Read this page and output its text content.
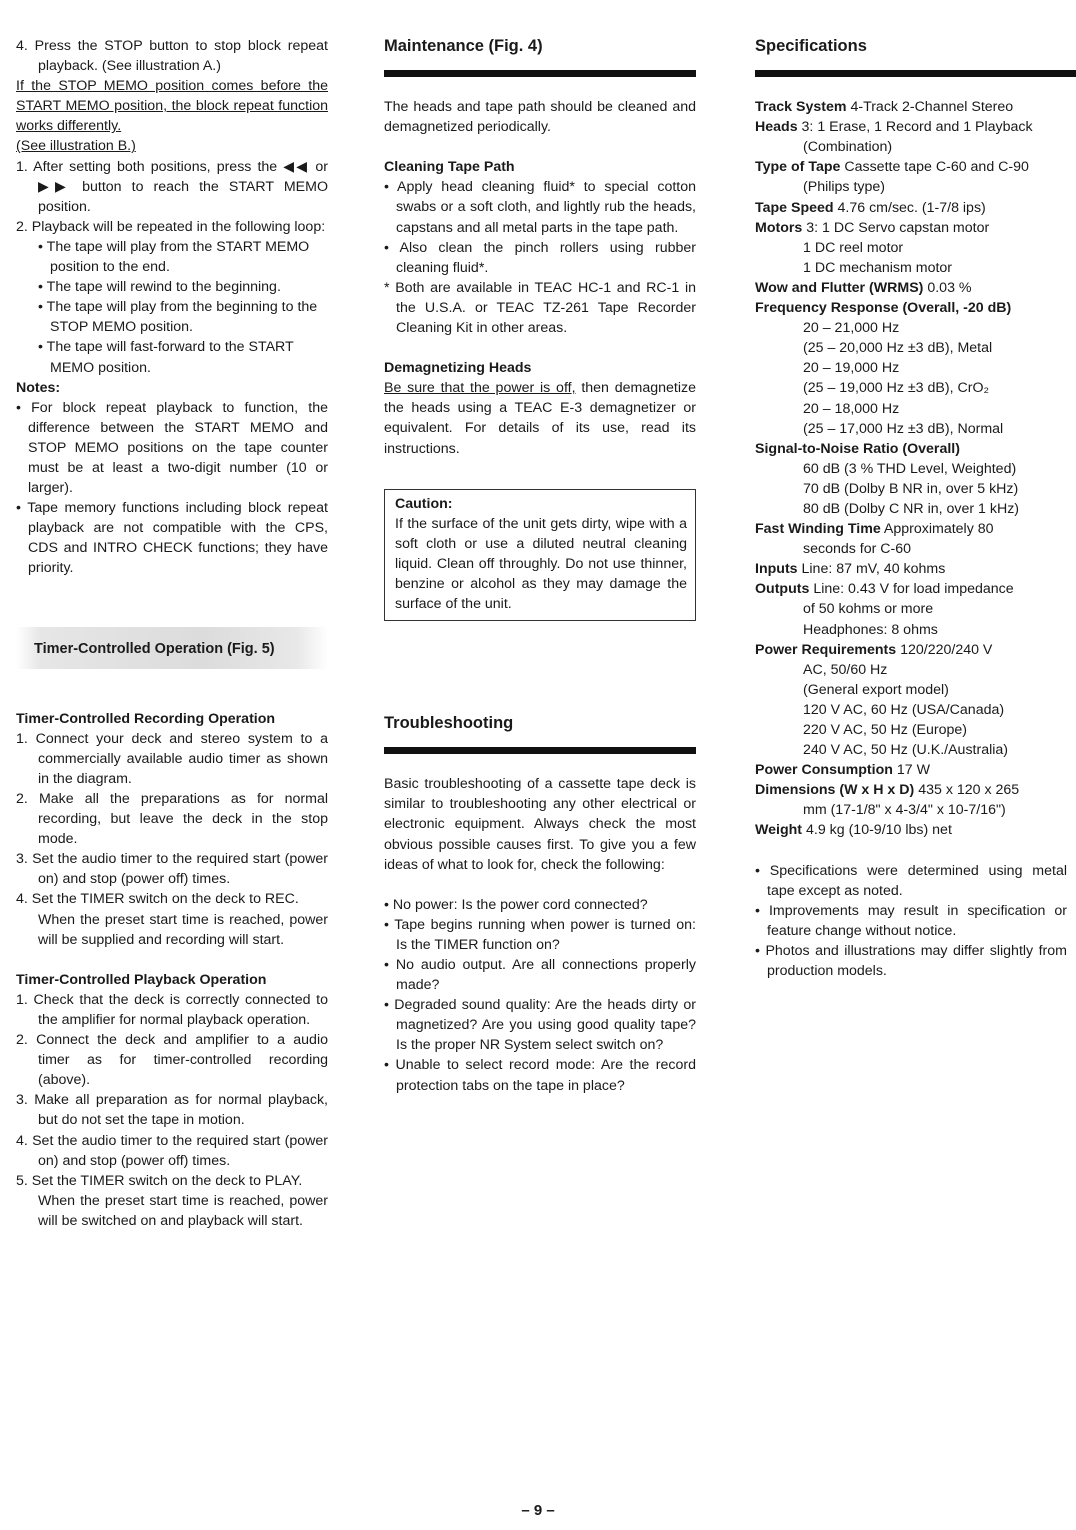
4. Press the STOP button to stop block repeat playback. (See illustration A.)

If the STOP MEMO position comes before the START MEMO position, the block repeat function works differently.

(See illustration B.)

1. After setting both positions, press the ◀◀ or ▶▶ button to reach the START MEMO position.

2. Playback will be repeated in the following loop:

• The tape will play from the START MEMO position to the end.

• The tape will rewind to the beginning.

• The tape will play from the beginning to the STOP MEMO position.

• The tape will fast-forward to the START MEMO position.

Notes:

• For block repeat playback to function, the difference between the START MEMO and STOP MEMO positions on the tape counter must be at least a two-digit number (10 or larger).

• Tape memory functions including block repeat playback are not compatible with the CPS, CDS and INTRO CHECK functions; they have priority.

Timer-Controlled Operation (Fig. 5)

Timer-Controlled Recording Operation

1. Connect your deck and stereo system to a commercially available audio timer as shown in the diagram.

2. Make all the preparations as for normal recording, but leave the deck in the stop mode.

3. Set the audio timer to the required start (power on) and stop (power off) times.

4. Set the TIMER switch on the deck to REC.

When the preset start time is reached, power will be supplied and recording will start.

Timer-Controlled Playback Operation

1. Check that the deck is correctly connected to the amplifier for normal playback operation.

2. Connect the deck and amplifier to a audio timer as for timer-controlled recording (above).

3. Make all preparation as for normal playback, but do not set the tape in motion.

4. Set the audio timer to the required start (power on) and stop (power off) times.

5. Set the TIMER switch on the deck to PLAY.

When the preset start time is reached, power will be switched on and playback will start.

Maintenance (Fig. 4)

The heads and tape path should be cleaned and demagnetized periodically.

Cleaning Tape Path

• Apply head cleaning fluid* to special cotton swabs or a soft cloth, and lightly rub the heads, capstans and all metal parts in the tape path.

• Also clean the pinch rollers using rubber cleaning fluid*.

* Both are available in TEAC HC-1 and RC-1 in the U.S.A. or TEAC TZ-261 Tape Recorder Cleaning Kit in other areas.

Demagnetizing Heads

Be sure that the power is off, then demagnetize the heads using a TEAC E-3 demagnetizer or equivalent. For details of its use, read its instructions.

Caution:

If the surface of the unit gets dirty, wipe with a soft cloth or use a diluted neutral cleaning liquid. Clean off throughly. Do not use thinner, benzine or alcohol as they may damage the surface of the unit.

Troubleshooting

Basic troubleshooting of a cassette tape deck is similar to troubleshooting any other electrical or electronic equipment. Always check the most obvious possible causes first. To give you a few ideas of what to look for, check the following:

• No power: Is the power cord connected?

• Tape begins running when power is turned on: Is the TIMER function on?

• No audio output. Are all connections properly made?

• Degraded sound quality: Are the heads dirty or magnetized? Are you using good quality tape? Is the proper NR System select switch on?

• Unable to select record mode: Are the record protection tabs on the tape in place?

Specifications

Track System 4-Track 2-Channel Stereo

Heads 3: 1 Erase, 1 Record and 1 Playback

(Combination)

Type of Tape Cassette tape C-60 and C-90

(Philips type)

Tape Speed 4.76 cm/sec. (1-7/8 ips)

Motors 3: 1 DC Servo capstan motor

1 DC reel motor

1 DC mechanism motor

Wow and Flutter (WRMS) 0.03 %

Frequency Response (Overall, -20 dB)

20 – 21,000 Hz

(25 – 20,000 Hz ±3 dB), Metal

20 – 19,000 Hz

(25 – 19,000 Hz ±3 dB), CrO₂

20 – 18,000 Hz

(25 – 17,000 Hz ±3 dB), Normal

Signal-to-Noise Ratio (Overall)

60 dB (3 % THD Level, Weighted)

70 dB (Dolby B NR in, over 5 kHz)

80 dB (Dolby C NR in, over 1 kHz)

Fast Winding Time Approximately 80

seconds for C-60

Inputs Line: 87 mV, 40 kohms

Outputs Line: 0.43 V for load impedance

of 50 kohms or more

Headphones: 8 ohms

Power Requirements 120/220/240 V

AC, 50/60 Hz

(General export model)

120 V AC, 60 Hz (USA/Canada)

220 V AC, 50 Hz (Europe)

240 V AC, 50 Hz (U.K./Australia)

Power Consumption 17 W

Dimensions (W x H x D) 435 x 120 x 265

mm (17-1/8" x 4-3/4" x 10-7/16")

Weight 4.9 kg (10-9/10 lbs) net

• Specifications were determined using metal tape except as noted.

• Improvements may result in specification or feature change without notice.

• Photos and illustrations may differ slightly from production models.

– 9 –
